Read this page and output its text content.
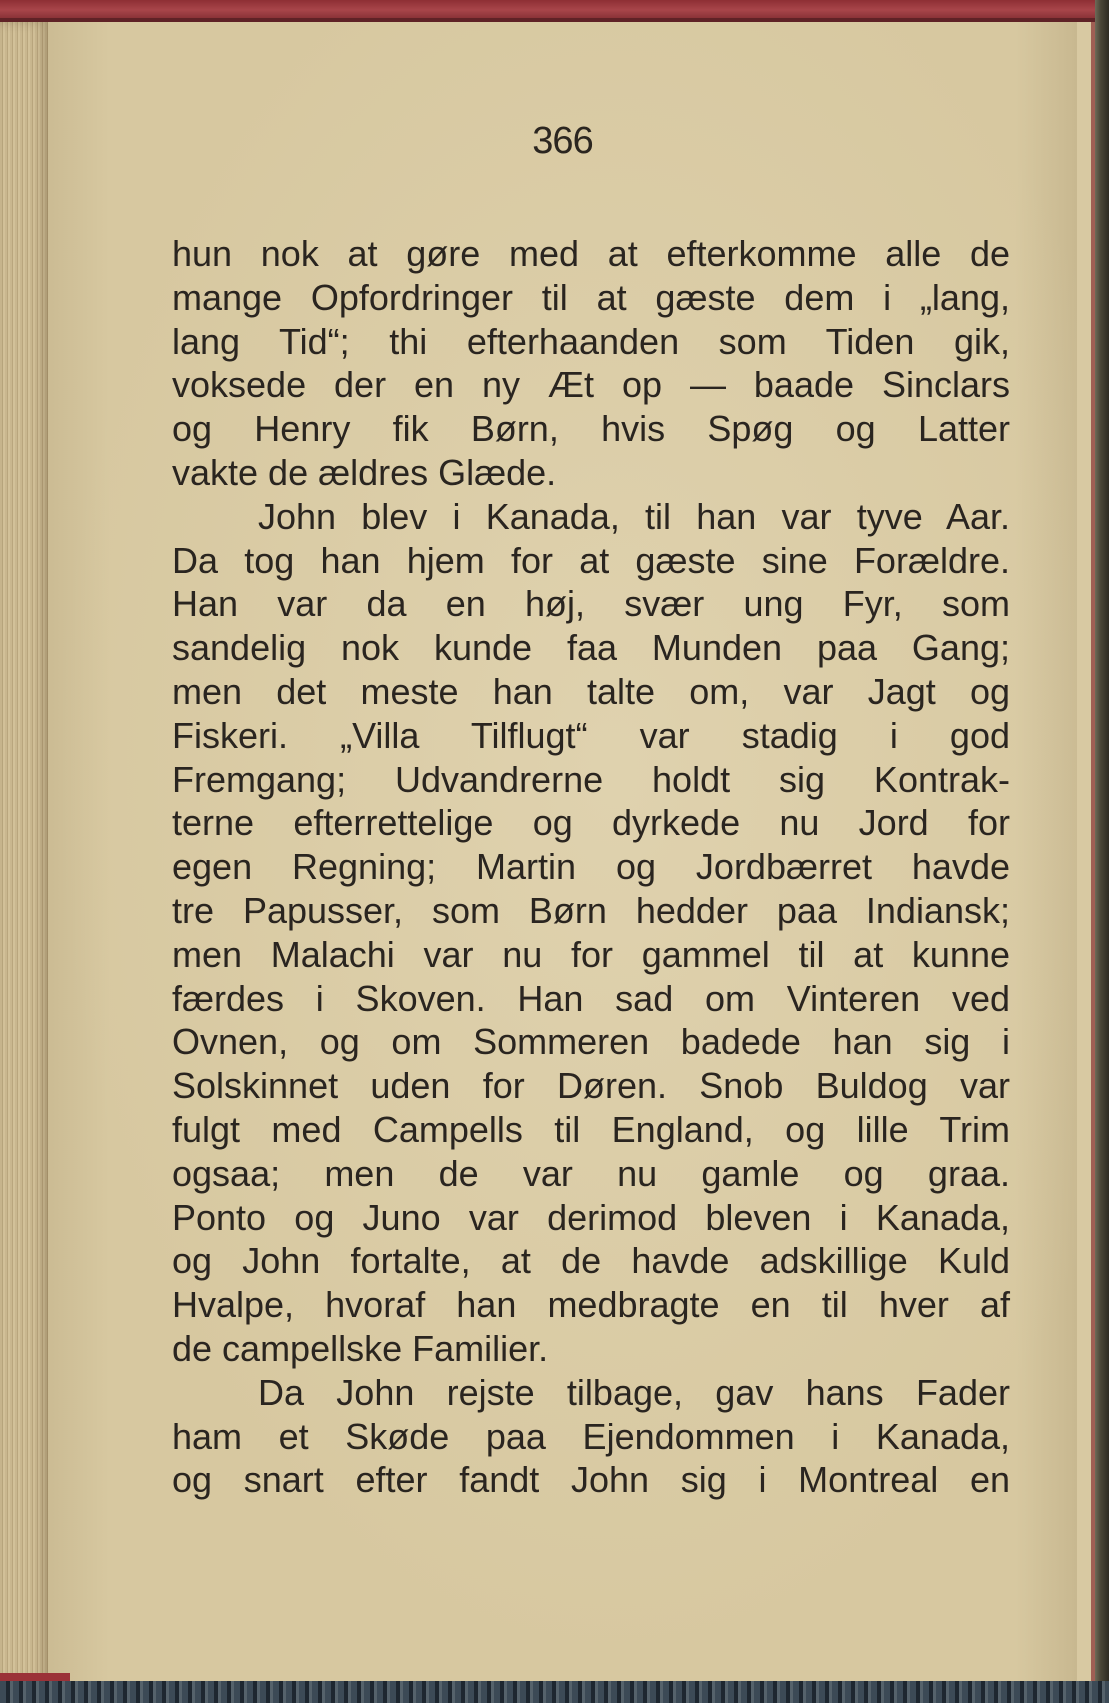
366
hun nok at gøre med at efterkomme alle de
mange Opfordringer til at gæste dem i „lang,
lang Tid“; thi efterhaanden som Tiden gik,
voksede der en ny Æt op — baade Sinclars
og Henry fik Børn, hvis Spøg og Latter
vakte de ældres Glæde.
John blev i Kanada, til han var tyve Aar.
Da tog han hjem for at gæste sine Forældre.
Han var da en høj, svær ung Fyr, som
sandelig nok kunde faa Munden paa Gang;
men det meste han talte om, var Jagt og
Fiskeri. „Villa Tilflugt“ var stadig i god
Fremgang; Udvandrerne holdt sig Kontrak-
terne efterrettelige og dyrkede nu Jord for
egen Regning; Martin og Jordbærret havde
tre Papusser, som Børn hedder paa Indiansk;
men Malachi var nu for gammel til at kunne
færdes i Skoven. Han sad om Vinteren ved
Ovnen, og om Sommeren badede han sig i
Solskinnet uden for Døren. Snob Buldog var
fulgt med Campells til England, og lille Trim
ogsaa; men de var nu gamle og graa.
Ponto og Juno var derimod bleven i Kanada,
og John fortalte, at de havde adskillige Kuld
Hvalpe, hvoraf han medbragte en til hver af
de campellske Familier.
Da John rejste tilbage, gav hans Fader
ham et Skøde paa Ejendommen i Kanada,
og snart efter fandt John sig i Montreal en
